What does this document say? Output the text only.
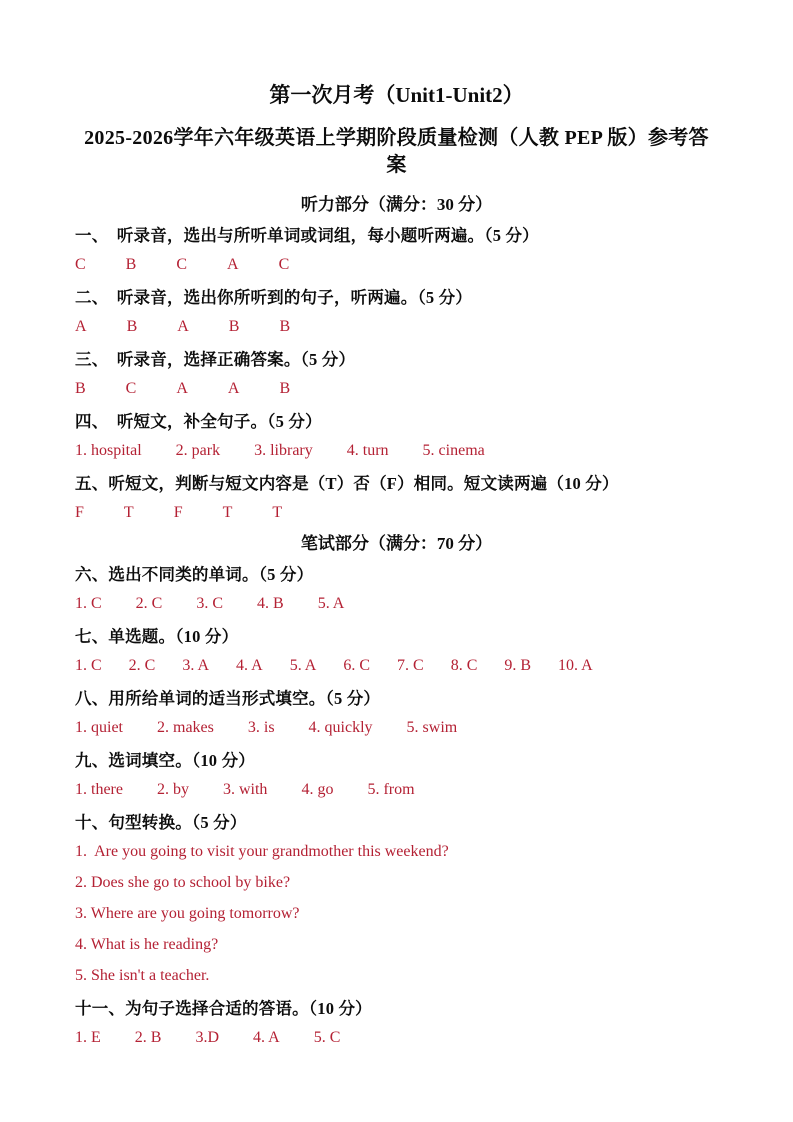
第一次月考（Unit1-Unit2）
2025-2026学年六年级英语上学期阶段质量检测（人教 PEP 版）参考答案
听力部分（满分：30 分）
一、　听录音，选出与所听单词或词组，每小题听两遍。（5 分）
C	B	C	A	C
二、　听录音，选出你所听到的句子，听两遍。（5 分）
A	B	A	B	B
三、　听录音，选择正确答案。（5 分）
B	C	A	A	B
四、　听短文，补全句子。（5 分）
1. hospital 2. park 3. library 4. turn 5. cinema
五、听短文，判断与短文内容是（T）否（F）相同。短文读两遍（10 分）
F	T	F	T	T
笔试部分（满分：70 分）
六、选出不同类的单词。（5 分）
1. C 2. C 3. C 4. B 5. A
七、单选题。（10 分）
1. C 2. C 3. A 4. A 5. A 6. C 7. C 8. C 9. B 10. A
八、用所给单词的适当形式填空。（5 分）
1. quiet 2. makes 3. is 4. quickly 5. swim
九、选词填空。（10 分）
1. there 2. by 3. with 4. go 5. from
十、句型转换。（5 分）
1.  Are you going to visit your grandmother this weekend?
2. Does she go to school by bike?
3. Where are you going tomorrow?
4. What is he reading?
5. She isn't a teacher.
十一、为句子选择合适的答语。（10 分）
1. E 2. B 3.D 4. A 5. C
